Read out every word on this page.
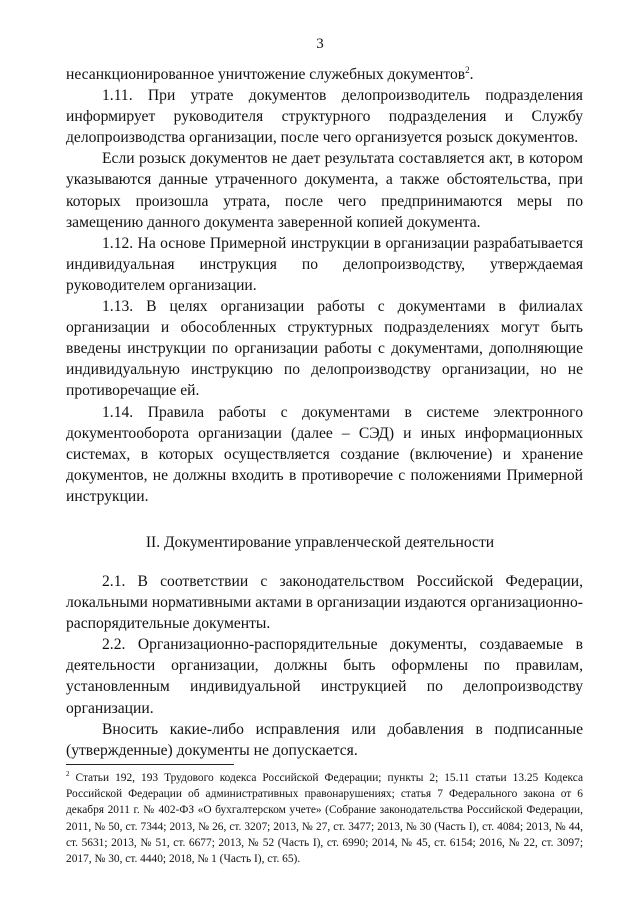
3

несанкционированное уничтожение служебных документов$^2$.

1.11. При утрате документов делопроизводитель подразделения информирует руководителя структурного подразделения и Службу делопроизводства организации, после чего организуется розыск документов.

Если розыск документов не дает результата составляется акт, в котором указываются данные утраченного документа, а также обстоятельства, при которых произошла утрата, после чего предпринимаются меры по замещению данного документа заверенной копией документа.

1.12. На основе Примерной инструкции в организации разрабатывается индивидуальная инструкция по делопроизводству, утверждаемая руководителем организации.

1.13. В целях организации работы с документами в филиалах организации и обособленных структурных подразделениях могут быть введены инструкции по организации работы с документами, дополняющие индивидуальную инструкцию по делопроизводству организации, но не противоречащие ей.

1.14. Правила работы с документами в системе электронного документооборота организации (далее – СЭД) и иных информационных системах, в которых осуществляется создание (включение) и хранение документов, не должны входить в противоречие с положениями Примерной инструкции.

II. Документирование управленческой деятельности

2.1. В соответствии с законодательством Российской Федерации, локальными нормативными актами в организации издаются организационно-распорядительные документы.

2.2. Организационно-распорядительные документы, создаваемые в деятельности организации, должны быть оформлены по правилам, установленным индивидуальной инструкцией по делопроизводству организации.

Вносить какие-либо исправления или добавления в подписанные (утвержденные) документы не допускается.

$^2$ Статьи 192, 193 Трудового кодекса Российской Федерации; пункты 2; 15.11 статьи 13.25 Кодекса Российской Федерации об административных правонарушениях; статья 7 Федерального закона от 6 декабря 2011 г. № 402-ФЗ «О бухгалтерском учете» (Собрание законодательства Российской Федерации, 2011, № 50, ст. 7344; 2013, № 26, ст. 3207; 2013, № 27, ст. 3477; 2013, № 30 (Часть I), ст. 4084; 2013, № 44, ст. 5631; 2013, № 51, ст. 6677; 2013, № 52 (Часть I), ст. 6990; 2014, № 45, ст. 6154; 2016, № 22, ст. 3097; 2017, № 30, ст. 4440; 2018, № 1 (Часть I), ст. 65).
